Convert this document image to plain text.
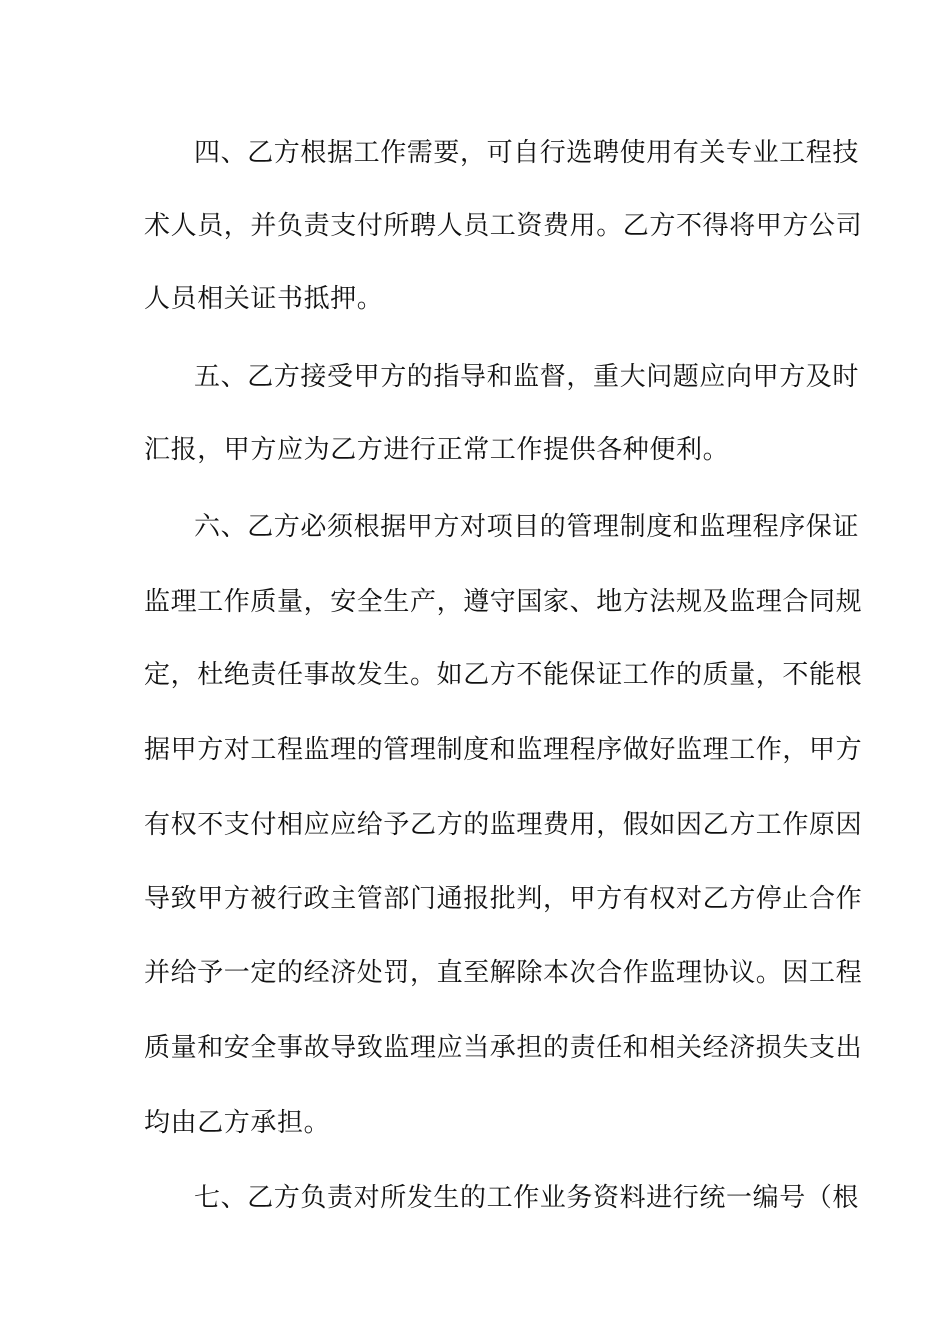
四、乙方根据工作需要，可自行选聘使用有关专业工程技
术人员，并负责支付所聘人员工资费用。乙方不得将甲方公司
人员相关证书抵押。
五、乙方接受甲方的指导和监督，重大问题应向甲方及时
汇报，甲方应为乙方进行正常工作提供各种便利。
六、乙方必须根据甲方对项目的管理制度和监理程序保证
监理工作质量，安全生产，遵守国家、地方法规及监理合同规
定，杜绝责任事故发生。如乙方不能保证工作的质量，不能根
据甲方对工程监理的管理制度和监理程序做好监理工作，甲方
有权不支付相应应给予乙方的监理费用，假如因乙方工作原因
导致甲方被行政主管部门通报批判，甲方有权对乙方停止合作
并给予一定的经济处罚，直至解除本次合作监理协议。因工程
质量和安全事故导致监理应当承担的责任和相关经济损失支出
均由乙方承担。
七、乙方负责对所发生的工作业务资料进行统一编号（根
